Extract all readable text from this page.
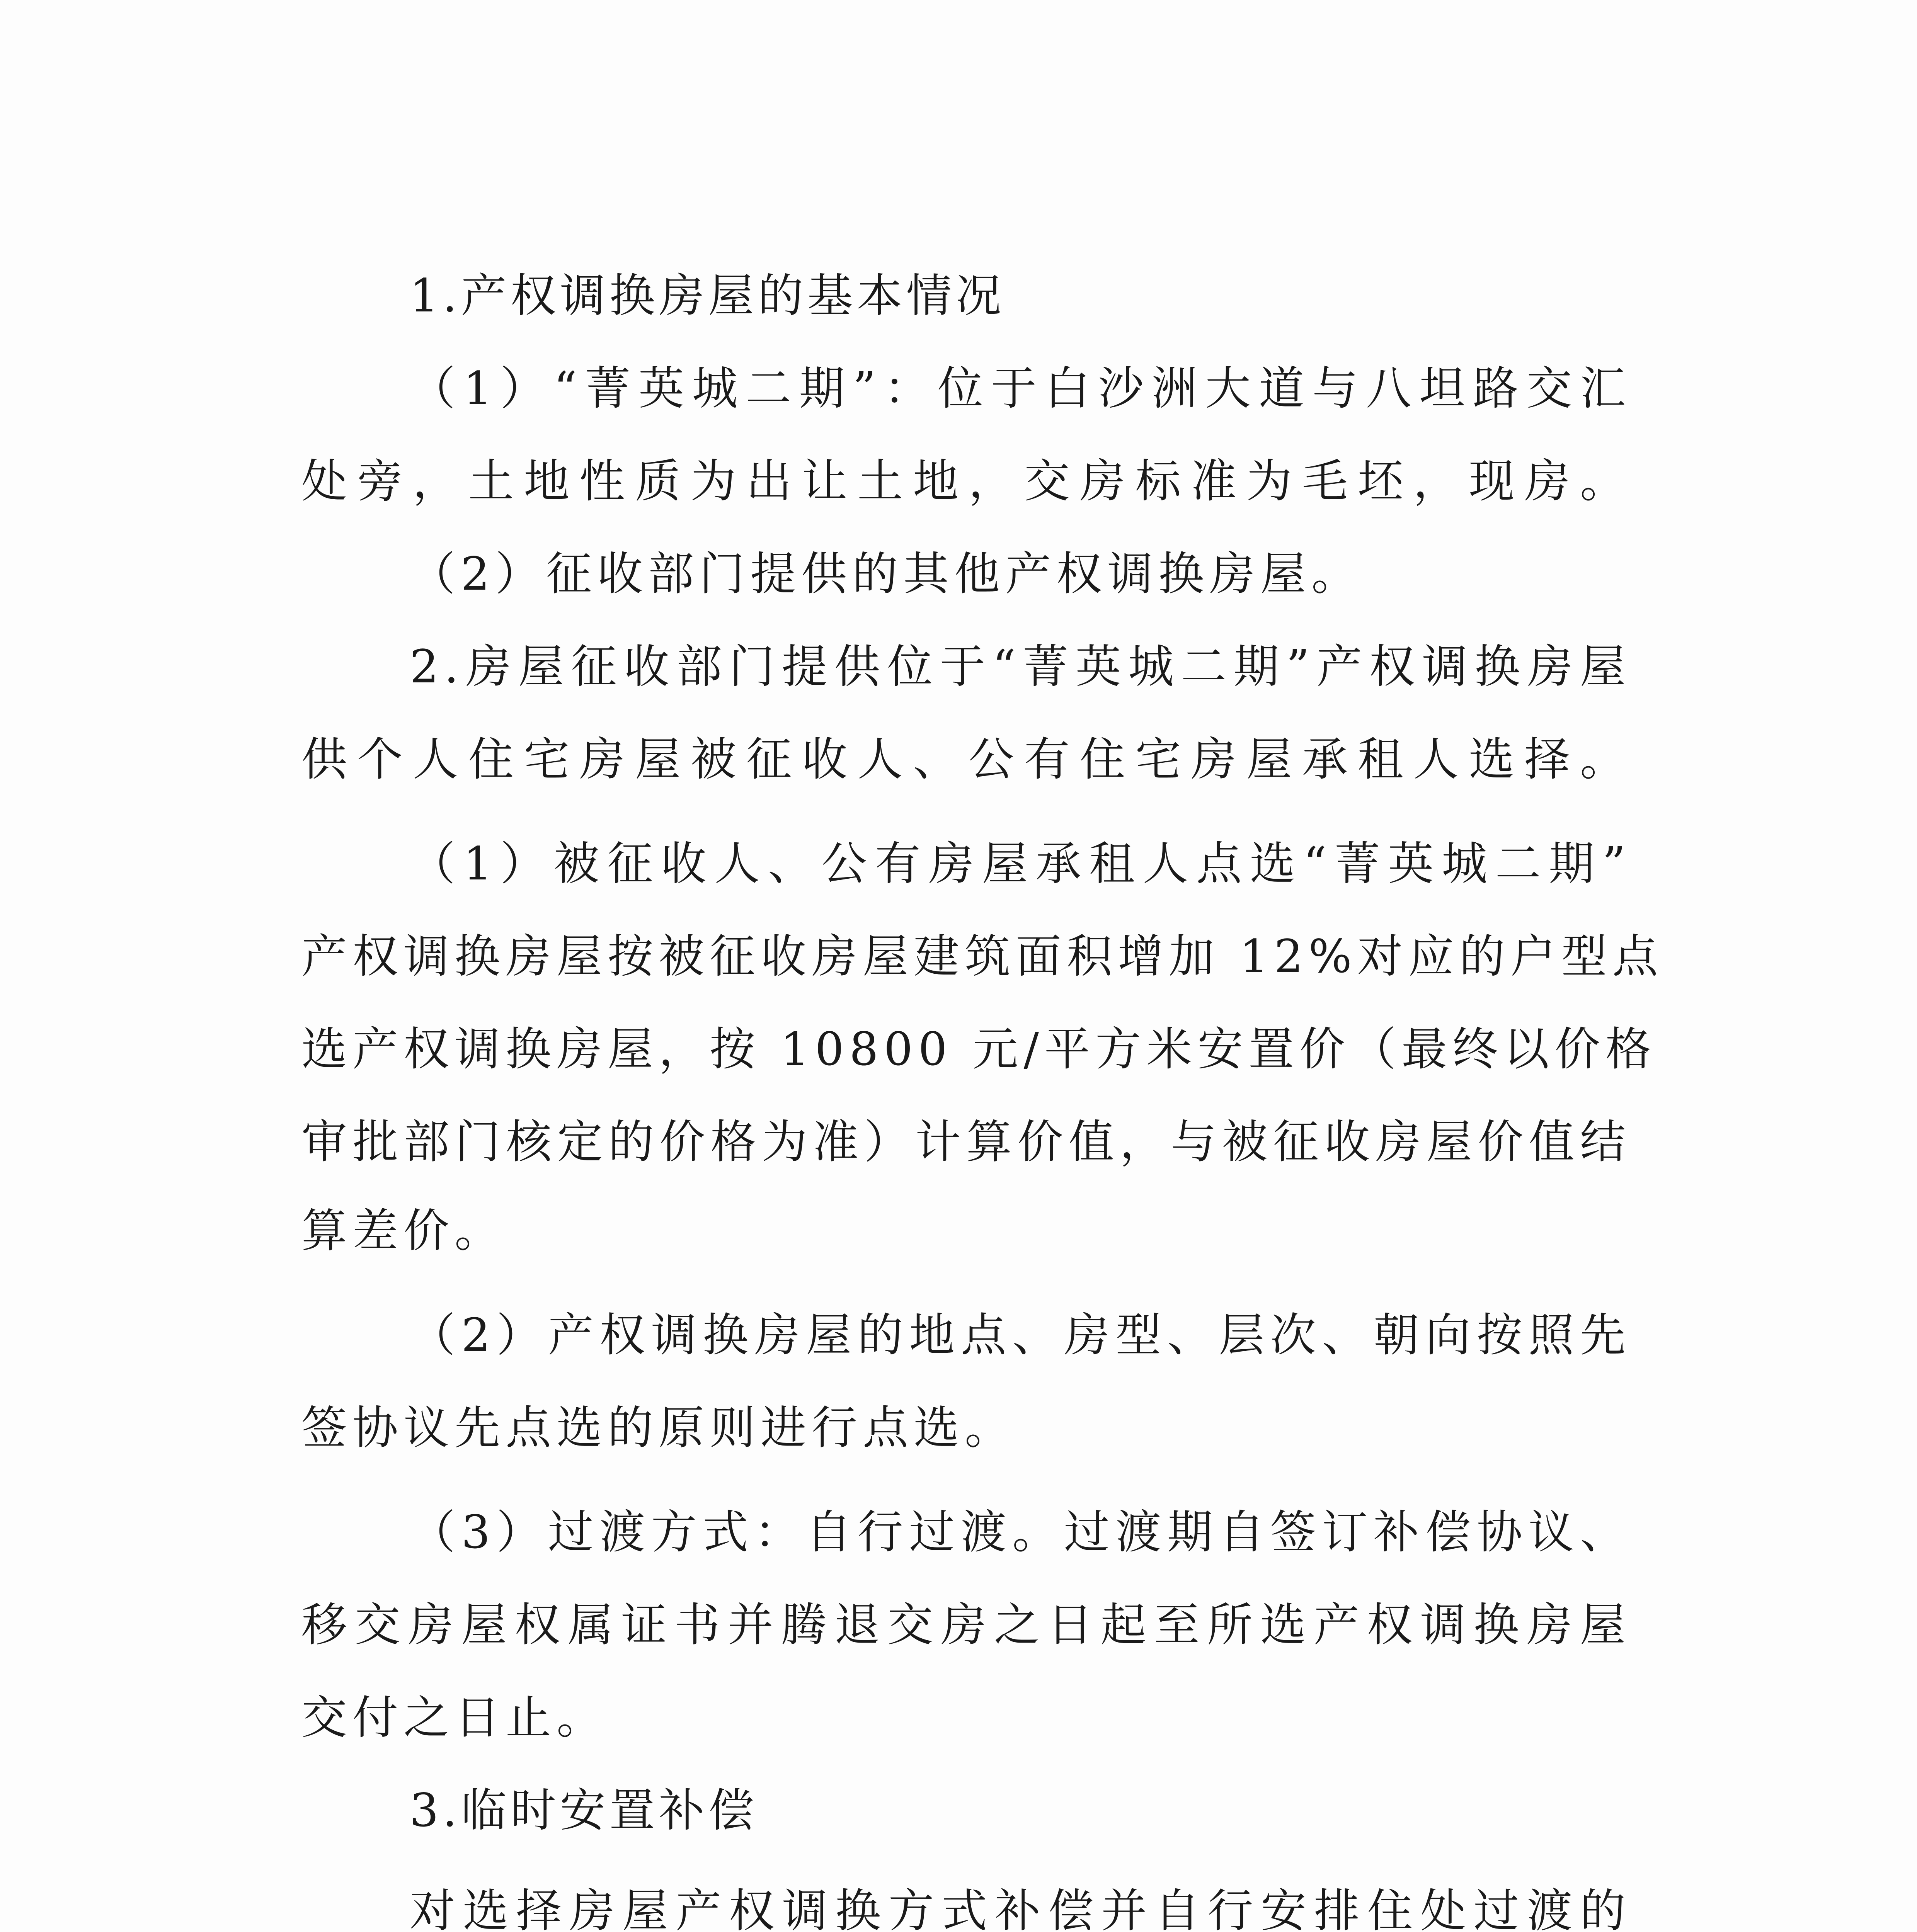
1.产权调换房屋的基本情况
（1）“菁英城二期”：位于白沙洲大道与八坦路交汇
处旁，土地性质为出让土地，交房标准为毛坯，现房。
（2）征收部门提供的其他产权调换房屋。
2.房屋征收部门提供位于“菁英城二期”产权调换房屋
供个人住宅房屋被征收人、公有住宅房屋承租人选择。
（1）被征收人、公有房屋承租人点选“菁英城二期”
产权调换房屋按被征收房屋建筑面积增加 12%对应的户型点
选产权调换房屋，按 10800 元/平方米安置价（最终以价格
审批部门核定的价格为准）计算价值，与被征收房屋价值结
算差价。
（2）产权调换房屋的地点、房型、层次、朝向按照先
签协议先点选的原则进行点选。
（3）过渡方式：自行过渡。过渡期自签订补偿协议、
移交房屋权属证书并腾退交房之日起至所选产权调换房屋
交付之日止。
3.临时安置补偿
对选择房屋产权调换方式补偿并自行安排住处过渡的
